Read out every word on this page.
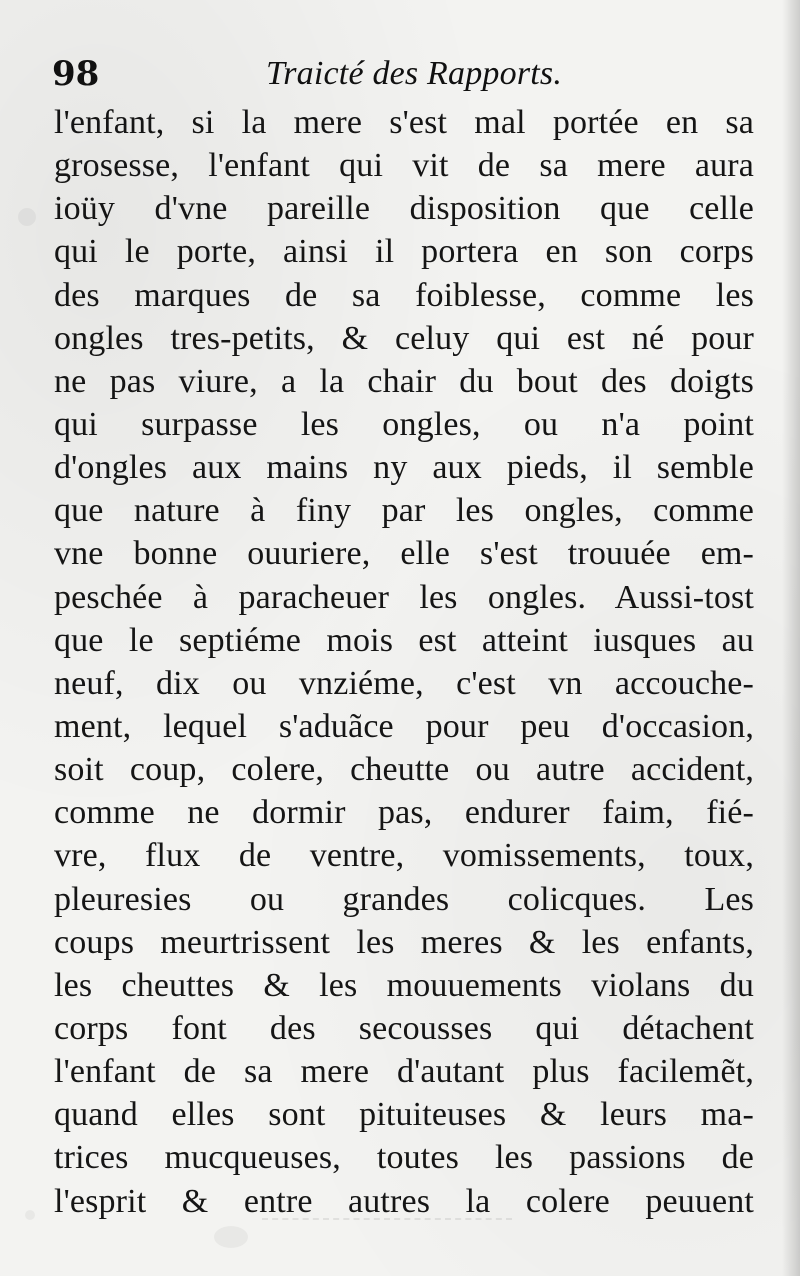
98	Traicté des Rapports.
l'enfant, si la mere s'est mal portée en sa
grosesse, l'enfant qui vit de sa mere aura
ioüy d'vne pareille disposition que celle
qui le porte, ainsi il portera en son corps
des marques de sa foiblesse, comme les
ongles tres-petits, & celuy qui est né pour
ne pas viure, a la chair du bout des doigts
qui surpasse les ongles, ou n'a point
d'ongles aux mains ny aux pieds, il semble
que nature à finy par les ongles, comme
vne bonne ouuriere, elle s'est trouuée em-
peschée à paracheuer les ongles. Aussi-tost
que le septiéme mois est atteint iusques au
neuf, dix ou vnziéme, c'est vn accouche-
ment, lequel s'aduãce pour peu d'occasion,
soit coup, colere, cheutte ou autre accident,
comme ne dormir pas, endurer faim, fié-
vre, flux de ventre, vomissements, toux,
pleuresies ou grandes colicques. Les
coups meurtrissent les meres & les enfants,
les cheuttes & les mouuements violans du
corps font des secousses qui détachent
l'enfant de sa mere d'autant plus facilemẽt,
quand elles sont pituiteuses & leurs ma-
trices mucqueuses, toutes les passions de
l'esprit & entre autres la colere peuuent
